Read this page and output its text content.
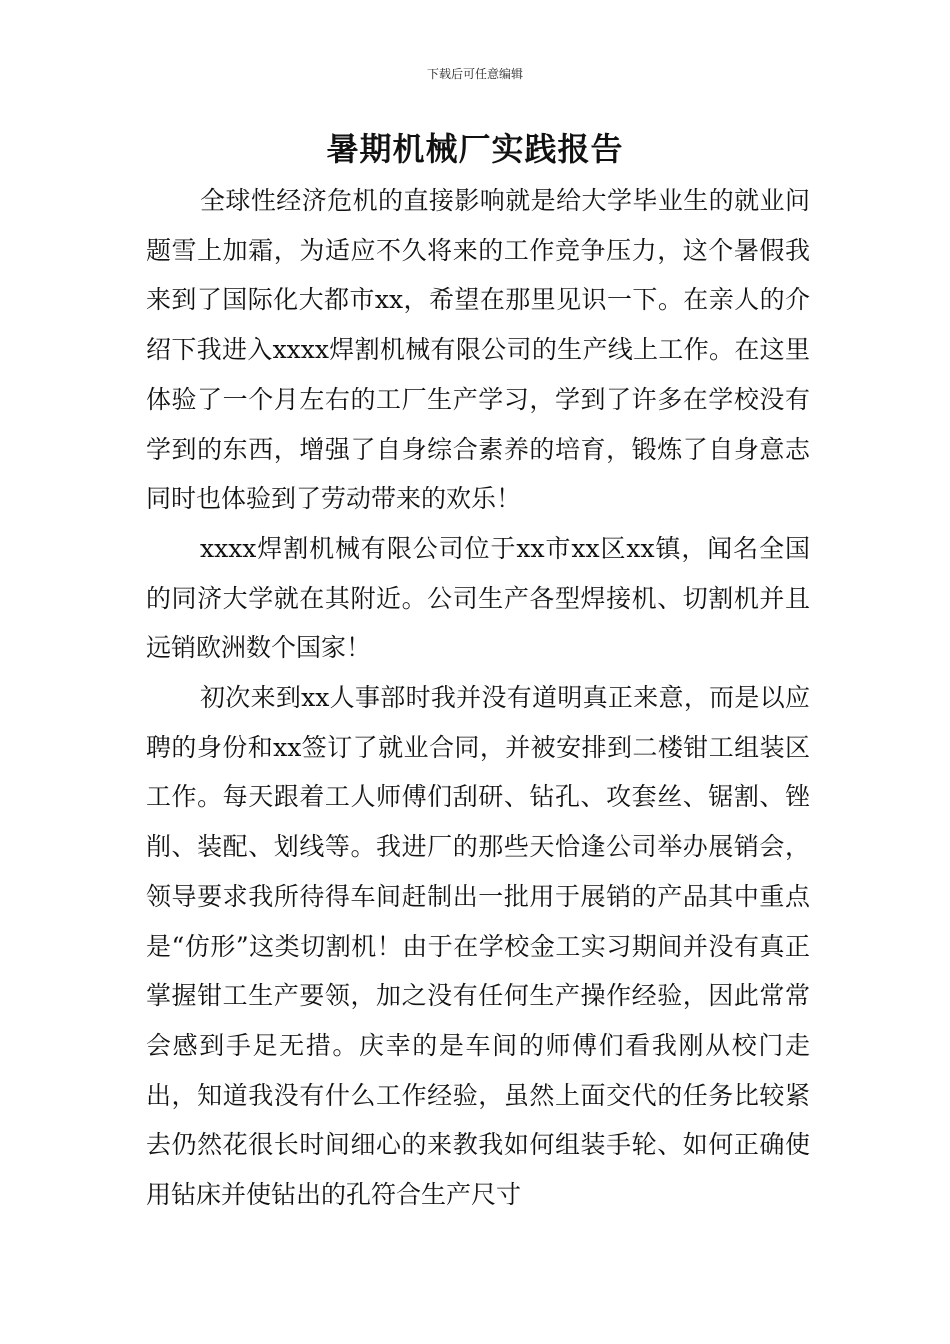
下载后可任意编辑
暑期机械厂实践报告

全球性经济危机的直接影响就是给大学毕业生的就业问题雪上加霜，为适应不久将来的工作竞争压力，这个暑假我来到了国际化大都市xx，希望在那里见识一下。在亲人的介绍下我进入xxxx焊割机械有限公司的生产线上工作。在这里体验了一个月左右的工厂生产学习，学到了许多在学校没有学到的东西，增强了自身综合素养的培育，锻炼了自身意志同时也体验到了劳动带来的欢乐！

xxxx焊割机械有限公司位于xx市xx区xx镇，闻名全国的同济大学就在其附近。公司生产各型焊接机、切割机并且远销欧洲数个国家！

初次来到xx人事部时我并没有道明真正来意，而是以应聘的身份和xx签订了就业合同，并被安排到二楼钳工组装区工作。每天跟着工人师傅们刮研、钻孔、攻套丝、锯割、锉削、装配、划线等。我进厂的那些天恰逢公司举办展销会，领导要求我所待得车间赶制出一批用于展销的产品其中重点是“仿形”这类切割机！由于在学校金工实习期间并没有真正掌握钳工生产要领，加之没有任何生产操作经验，因此常常会感到手足无措。庆幸的是车间的师傅们看我刚从校门走出，知道我没有什么工作经验，虽然上面交代的任务比较紧去仍然花很长时间细心的来教我如何组装手轮、如何正确使用钻床并使钻出的孔符合生产尺寸
